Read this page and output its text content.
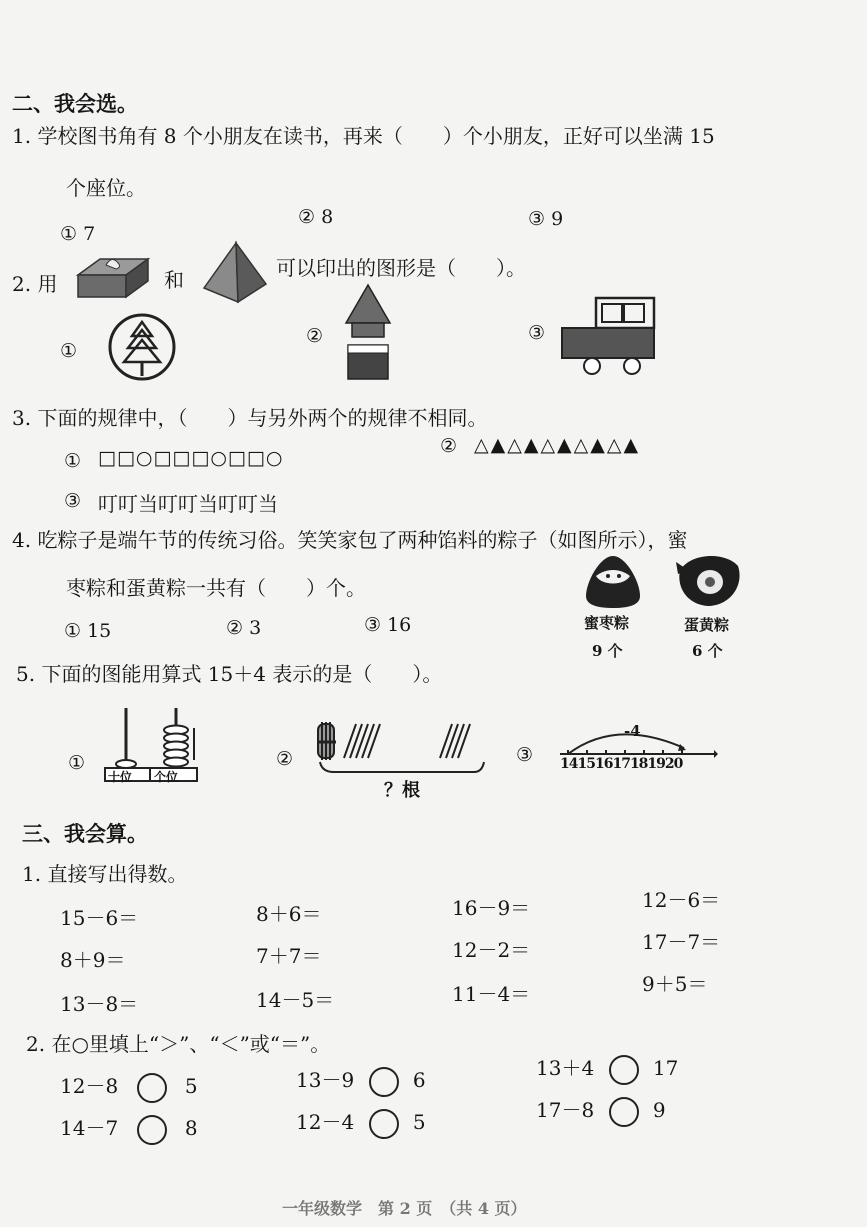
二、我会选。
1. 学校图书角有 8 个小朋友在读书，再来（　　）个小朋友，正好可以坐满 15
个座位。
① 7
② 8	③ 9
2. 用	和	可以印出的图形是（　　）。
①
②	③
3. 下面的规律中，（　　）与另外两个的规律不相同。
① □□○□□□○□□○
② △▲△▲△▲△▲△▲
③ 叮叮当叮叮当叮叮当
4. 吃粽子是端午节的传统习俗。笑笑家包了两种馅料的粽子（如图所示），蜜
枣粽和蛋黄粽一共有（　　）个。
① 15	② 3	③ 16	蜜枣粽
9 个
蛋黄粽
6 个
5. 下面的图能用算式 15＋4 表示的是（　　）。
①
十位 个位
②
？根
③
-4
14151617181920
三、我会算。
1. 直接写出得数。
15－6＝	8＋6＝	16－9＝	12－6＝
8＋9＝	7＋7＝	12－2＝	17－7＝
13－8＝	14－5＝	11－4＝	9＋5＝
2. 在○里填上“＞”、“＜”或“＝”。
12－8	5	13－9	6	13＋4	17
14－7	8	12－4	5	17－8	9
一年级数学　第 2 页　（共 4 页）
